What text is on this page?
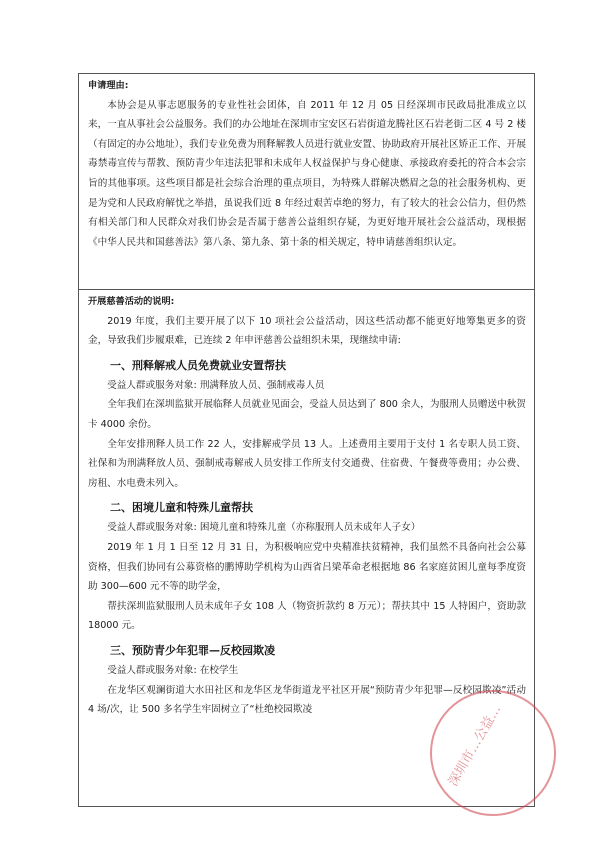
申请理由:

本协会是从事志愿服务的专业性社会团体，自 2011 年 12 月 05 日经深圳市民政局批准成立以来，一直从事社会公益服务。我们的办公地址在深圳市宝安区石岩街道龙腾社区石岩老街二区 4 号 2 楼（有固定的办公地址），我们专业免费为刑释解教人员进行就业安置、协助政府开展社区矫正工作、开展毒禁毒宣传与帮教、预防青少年违法犯罪和未成年人权益保护与身心健康、承接政府委托的符合本会宗旨的其他事项。这些项目都是社会综合治理的重点项目，为特殊人群解决燃眉之急的社会服务机构、更是为党和人民政府解忧之举措，虽说我们近 8 年经过艰苦卓绝的努力，有了较大的社会公信力，但仍然有相关部门和人民群众对我们协会是否属于慈善公益组织存疑，为更好地开展社会公益活动，现根据《中华人民共和国慈善法》第八条、第九条、第十条的相关规定，特申请慈善组织认定。

开展慈善活动的说明:

2019 年度，我们主要开展了以下 10 项社会公益活动，因这些活动都不能更好地筹集更多的资金，导致我们步履艰难，已连续 2 年申评慈善公益组织未果，现继续申请:

一、刑释解戒人员免费就业安置帮扶

受益人群或服务对象: 刑满释放人员、强制戒毒人员

全年我们在深圳监狱开展临释人员就业见面会，受益人员达到了 800 余人，为服刑人员赠送中秋贺卡 4000 余份。

全年安排刑释人员工作 22 人，安排解戒学员 13 人。上述费用主要用于支付 1 名专职人员工资、社保和为刑满释放人员、强制戒毒解戒人员安排工作所支付交通费、住宿费、午餐费等费用；办公费、房租、水电费未列入。

二、困境儿童和特殊儿童帮扶

受益人群或服务对象: 困境儿童和特殊儿童（亦称服刑人员未成年人子女）

2019 年 1 月 1 日至 12 月 31 日，为积极响应党中央精准扶贫精神，我们虽然不具备向社会公募资格，但我们协同有公募资格的鹏博助学机构为山西省吕梁革命老根据地 86 名家庭贫困儿童每季度资助 300—600 元不等的助学金，

帮扶深圳监狱服刑人员未成年子女 108 人（物资折款约 8 万元）；帮扶其中 15 人特困户，资助款 18000 元。

三、预防青少年犯罪—反校园欺凌

受益人群或服务对象: 在校学生

在龙华区观澜街道大水田社区和龙华区龙华街道龙平社区开展“预防青少年犯罪—反校园欺凌”活动 4 场/次，让 500 多名学生牢固树立了“杜绝校园欺凌	深圳市…公益…
